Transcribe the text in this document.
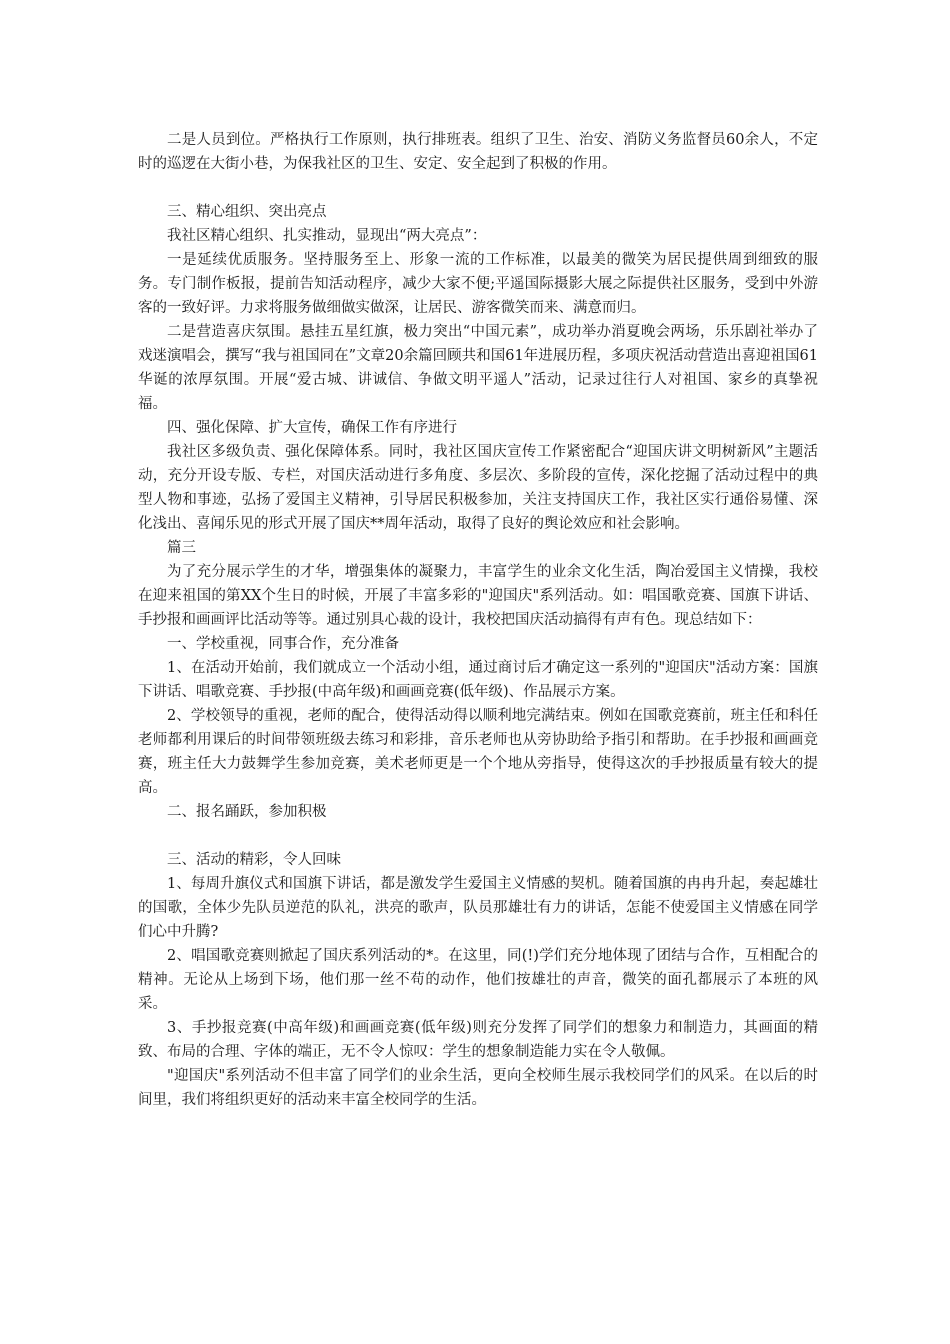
二是人员到位。严格执行工作原则，执行排班表。组织了卫生、治安、消防义务监督员60余人，不定时的巡逻在大街小巷，为保我社区的卫生、安定、安全起到了积极的作用。

三、精心组织、突出亮点

我社区精心组织、扎实推动，显现出“两大亮点”：

一是延续优质服务。坚持服务至上、形象一流的工作标准，以最美的微笑为居民提供周到细致的服务。专门制作板报，提前告知活动程序，减少大家不便;平遥国际摄影大展之际提供社区服务，受到中外游客的一致好评。力求将服务做细做实做深，让居民、游客微笑而来、满意而归。

二是营造喜庆氛围。悬挂五星红旗，极力突出“中国元素”，成功举办消夏晚会两场，乐乐剧社举办了戏迷演唱会，撰写“我与祖国同在”文章20余篇回顾共和国61年进展历程，多项庆祝活动营造出喜迎祖国61华诞的浓厚氛围。开展“爱古城、讲诚信、争做文明平遥人”活动，记录过往行人对祖国、家乡的真挚祝福。

四、强化保障、扩大宣传，确保工作有序进行

我社区多级负责、强化保障体系。同时，我社区国庆宣传工作紧密配合“迎国庆讲文明树新风”主题活动，充分开设专版、专栏，对国庆活动进行多角度、多层次、多阶段的宣传，深化挖掘了活动过程中的典型人物和事迹，弘扬了爱国主义精神，引导居民积极参加，关注支持国庆工作，我社区实行通俗易懂、深化浅出、喜闻乐见的形式开展了国庆**周年活动，取得了良好的舆论效应和社会影响。

篇三

为了充分展示学生的才华，增强集体的凝聚力，丰富学生的业余文化生活，陶冶爱国主义情操，我校在迎来祖国的第XX个生日的时候，开展了丰富多彩的"迎国庆"系列活动。如：唱国歌竞赛、国旗下讲话、手抄报和画画评比活动等等。通过别具心裁的设计，我校把国庆活动搞得有声有色。现总结如下：

一、学校重视，同事合作，充分准备

1、在活动开始前，我们就成立一个活动小组，通过商讨后才确定这一系列的"迎国庆"活动方案：国旗下讲话、唱歌竞赛、手抄报(中高年级)和画画竞赛(低年级)、作品展示方案。

2、学校领导的重视，老师的配合，使得活动得以顺利地完满结束。例如在国歌竞赛前，班主任和科任老师都利用课后的时间带领班级去练习和彩排，音乐老师也从旁协助给予指引和帮助。在手抄报和画画竞赛，班主任大力鼓舞学生参加竞赛，美术老师更是一个个地从旁指导，使得这次的手抄报质量有较大的提高。

二、报名踊跃，参加积极

三、活动的精彩，令人回味

1、每周升旗仪式和国旗下讲话，都是激发学生爱国主义情感的契机。随着国旗的冉冉升起，奏起雄壮的国歌，全体少先队员逆范的队礼，洪亮的歌声，队员那雄壮有力的讲话，怎能不使爱国主义情感在同学们心中升腾?

2、唱国歌竞赛则掀起了国庆系列活动的*。在这里，同(!)学们充分地体现了团结与合作，互相配合的精神。无论从上场到下场，他们那一丝不苟的动作，他们按雄壮的声音，微笑的面孔都展示了本班的风采。

3、手抄报竞赛(中高年级)和画画竞赛(低年级)则充分发挥了同学们的想象力和制造力，其画面的精致、布局的合理、字体的端正，无不令人惊叹：学生的想象制造能力实在令人敬佩。

"迎国庆"系列活动不但丰富了同学们的业余生活，更向全校师生展示我校同学们的风采。在以后的时间里，我们将组织更好的活动来丰富全校同学的生活。
